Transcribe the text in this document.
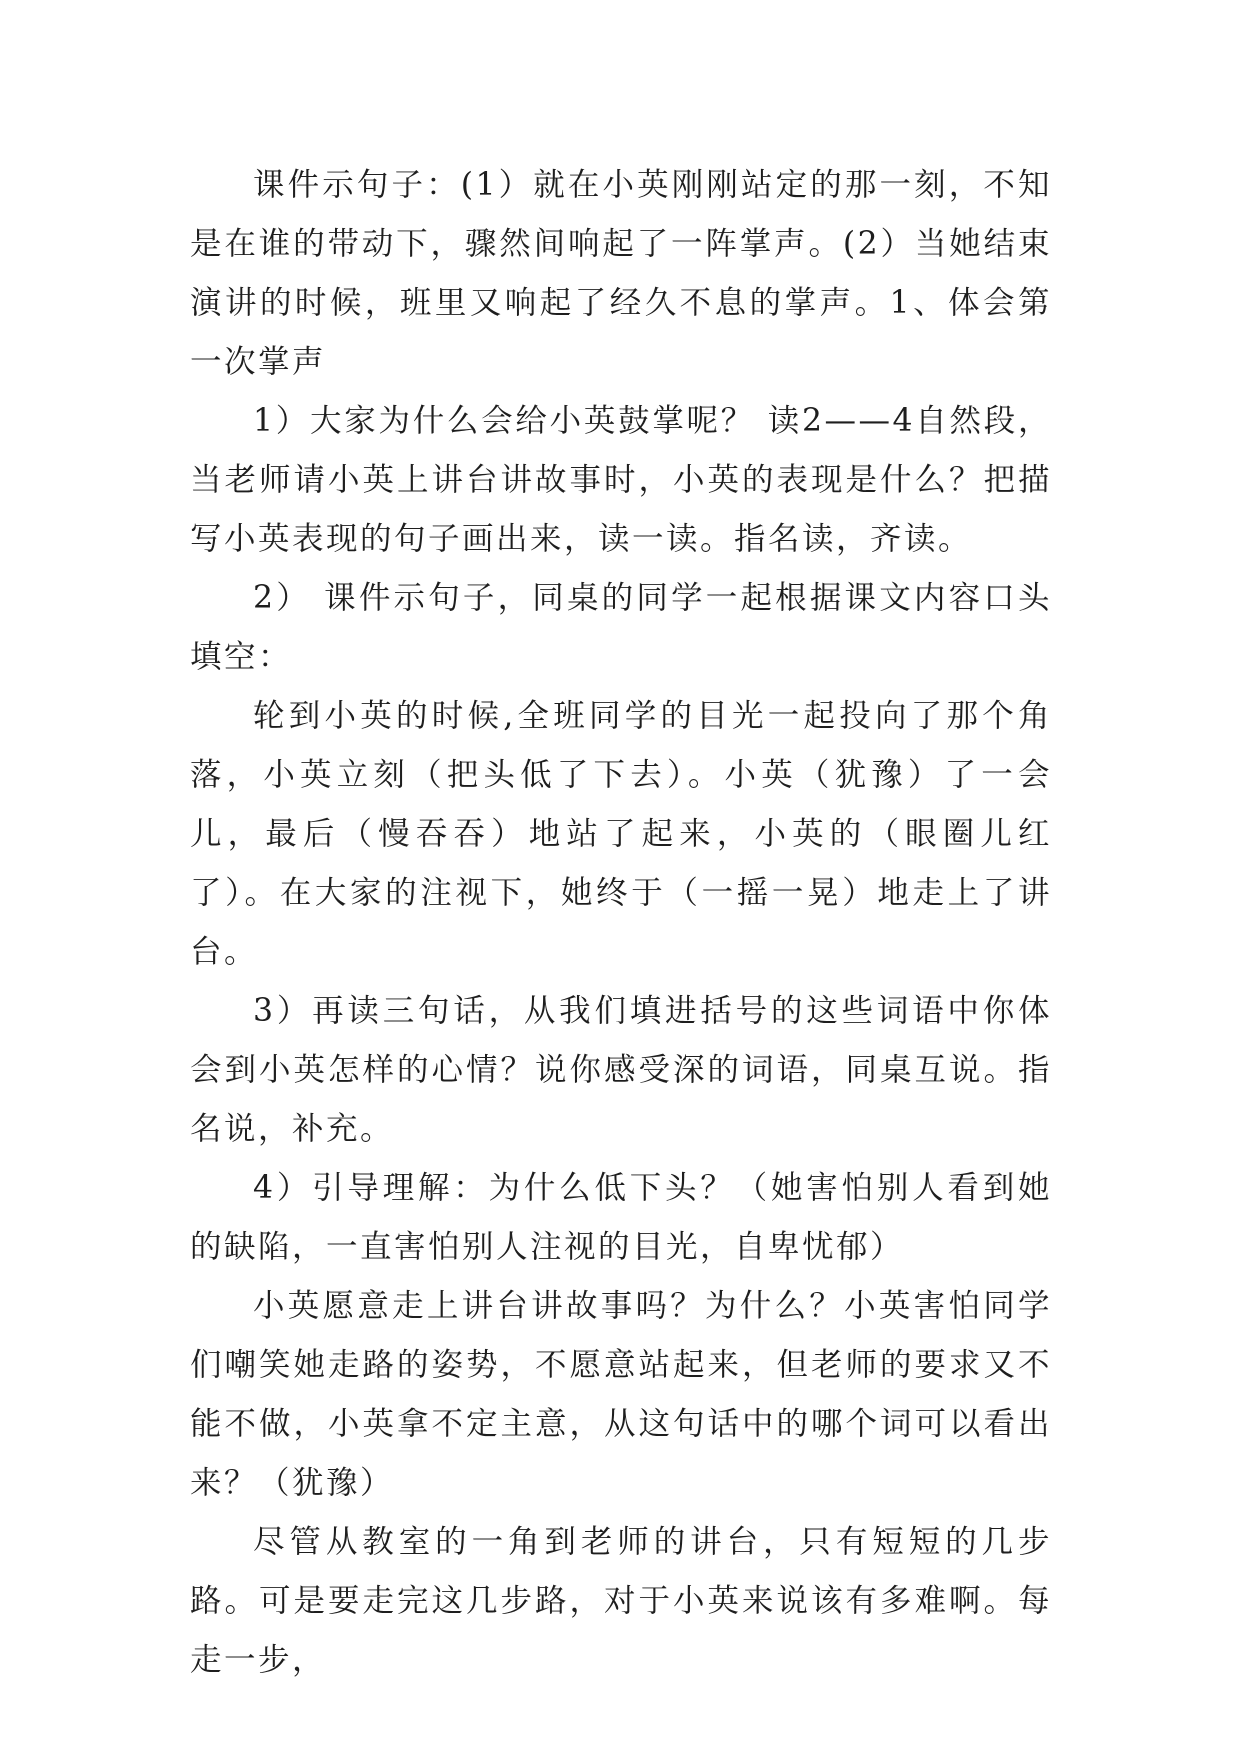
课件示句子：(1）就在小英刚刚站定的那一刻，不知是在谁的带动下，骤然间响起了一阵掌声。(2）当她结束演讲的时候，班里又响起了经久不息的掌声。1、体会第一次掌声

1）大家为什么会给小英鼓掌呢？ 读2——4自然段，当老师请小英上讲台讲故事时，小英的表现是什么？把描写小英表现的句子画出来，读一读。指名读，齐读。

2） 课件示句子，同桌的同学一起根据课文内容口头填空：

轮到小英的时候,全班同学的目光一起投向了那个角落，小英立刻（把头低了下去）。小英（犹豫）了一会儿，最后（慢吞吞）地站了起来，小英的（眼圈儿红了）。在大家的注视下，她终于（一摇一晃）地走上了讲台。

3）再读三句话，从我们填进括号的这些词语中你体会到小英怎样的心情？说你感受深的词语，同桌互说。指名说，补充。

4）引导理解：为什么低下头？（她害怕别人看到她的缺陷，一直害怕别人注视的目光，自卑忧郁）

小英愿意走上讲台讲故事吗？为什么？小英害怕同学们嘲笑她走路的姿势，不愿意站起来，但老师的要求又不能不做，小英拿不定主意，从这句话中的哪个词可以看出来？（犹豫）

尽管从教室的一角到老师的讲台，只有短短的几步路。可是要走完这几步路，对于小英来说该有多难啊。每走一步，
